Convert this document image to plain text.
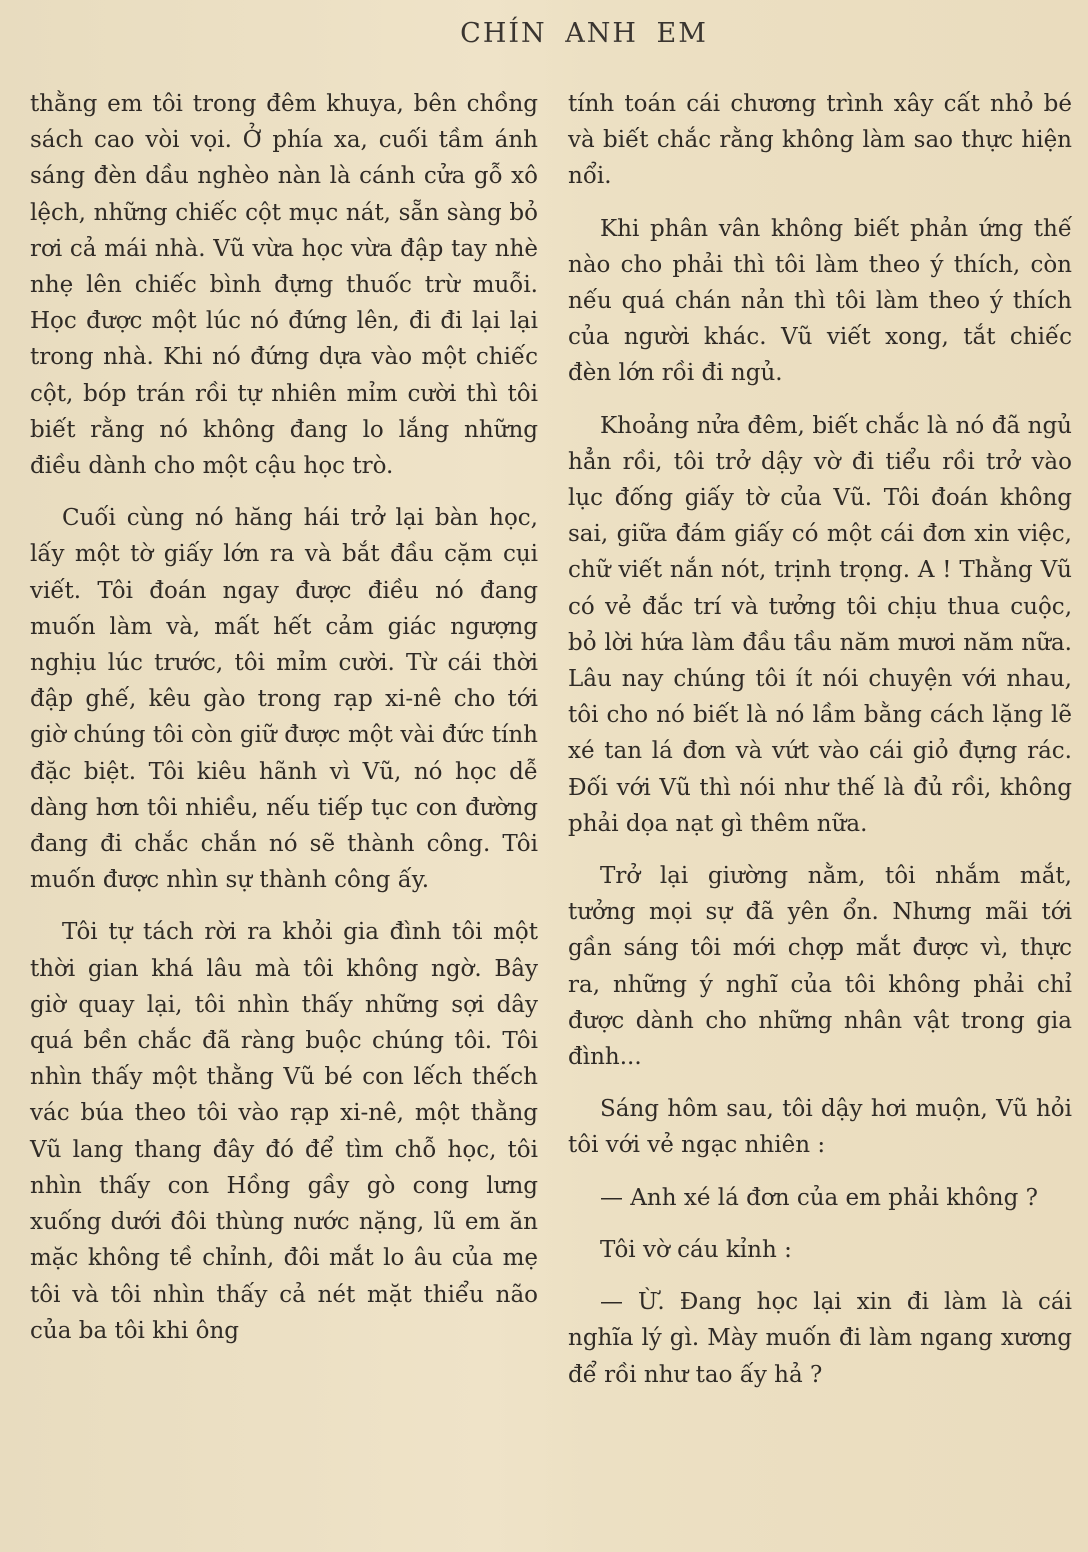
CHÍN ANH EM

thằng em tôi trong đêm khuya, bên chồng sách cao vòi vọi. Ở phía xa, cuối tầm ánh sáng đèn dầu nghèo nàn là cánh cửa gỗ xô lệch, những chiếc cột mục nát, sẵn sàng bỏ rơi cả mái nhà. Vũ vừa học vừa đập tay nhè nhẹ lên chiếc bình đựng thuốc trừ muỗi. Học được một lúc nó đứng lên, đi đi lại lại trong nhà. Khi nó đứng dựa vào một chiếc cột, bóp trán rồi tự nhiên mỉm cười thì tôi biết rằng nó không đang lo lắng những điều dành cho một cậu học trò.

Cuối cùng nó hăng hái trở lại bàn học, lấy một tờ giấy lớn ra và bắt đầu cặm cụi viết. Tôi đoán ngay được điều nó đang muốn làm và, mất hết cảm giác ngượng nghịu lúc trước, tôi mỉm cười. Từ cái thời đập ghế, kêu gào trong rạp xi-nê cho tới giờ chúng tôi còn giữ được một vài đức tính đặc biệt. Tôi kiêu hãnh vì Vũ, nó học dễ dàng hơn tôi nhiều, nếu tiếp tục con đường đang đi chắc chắn nó sẽ thành công. Tôi muốn được nhìn sự thành công ấy.

Tôi tự tách rời ra khỏi gia đình tôi một thời gian khá lâu mà tôi không ngờ. Bây giờ quay lại, tôi nhìn thấy những sợi dây quá bền chắc đã ràng buộc chúng tôi. Tôi nhìn thấy một thằng Vũ bé con lếch thếch vác búa theo tôi vào rạp xi-nê, một thằng Vũ lang thang đây đó để tìm chỗ học, tôi nhìn thấy con Hồng gầy gò cong lưng xuống dưới đôi thùng nước nặng, lũ em ăn mặc không tề chỉnh, đôi mắt lo âu của mẹ tôi và tôi nhìn thấy cả nét mặt thiểu não của ba tôi khi ông

tính toán cái chương trình xây cất nhỏ bé và biết chắc rằng không làm sao thực hiện nổi.

Khi phân vân không biết phản ứng thế nào cho phải thì tôi làm theo ý thích, còn nếu quá chán nản thì tôi làm theo ý thích của người khác. Vũ viết xong, tắt chiếc đèn lớn rồi đi ngủ.

Khoảng nửa đêm, biết chắc là nó đã ngủ hẳn rồi, tôi trở dậy vờ đi tiểu rồi trở vào lục đống giấy tờ của Vũ. Tôi đoán không sai, giữa đám giấy có một cái đơn xin việc, chữ viết nắn nót, trịnh trọng. A ! Thằng Vũ có vẻ đắc trí và tưởng tôi chịu thua cuộc, bỏ lời hứa làm đầu tầu năm mươi năm nữa. Lâu nay chúng tôi ít nói chuyện với nhau, tôi cho nó biết là nó lầm bằng cách lặng lẽ xé tan lá đơn và vứt vào cái giỏ đựng rác. Đối với Vũ thì nói như thế là đủ rồi, không phải dọa nạt gì thêm nữa.

Trở lại giường nằm, tôi nhắm mắt, tưởng mọi sự đã yên ổn. Nhưng mãi tới gần sáng tôi mới chợp mắt được vì, thực ra, những ý nghĩ của tôi không phải chỉ được dành cho những nhân vật trong gia đình...

Sáng hôm sau, tôi dậy hơi muộn, Vũ hỏi tôi với vẻ ngạc nhiên :

— Anh xé lá đơn của em phải không ?

Tôi vờ cáu kỉnh :

— Ừ. Đang học lại xin đi làm là cái nghĩa lý gì. Mày muốn đi làm ngang xương để rồi như tao ấy hả ?
